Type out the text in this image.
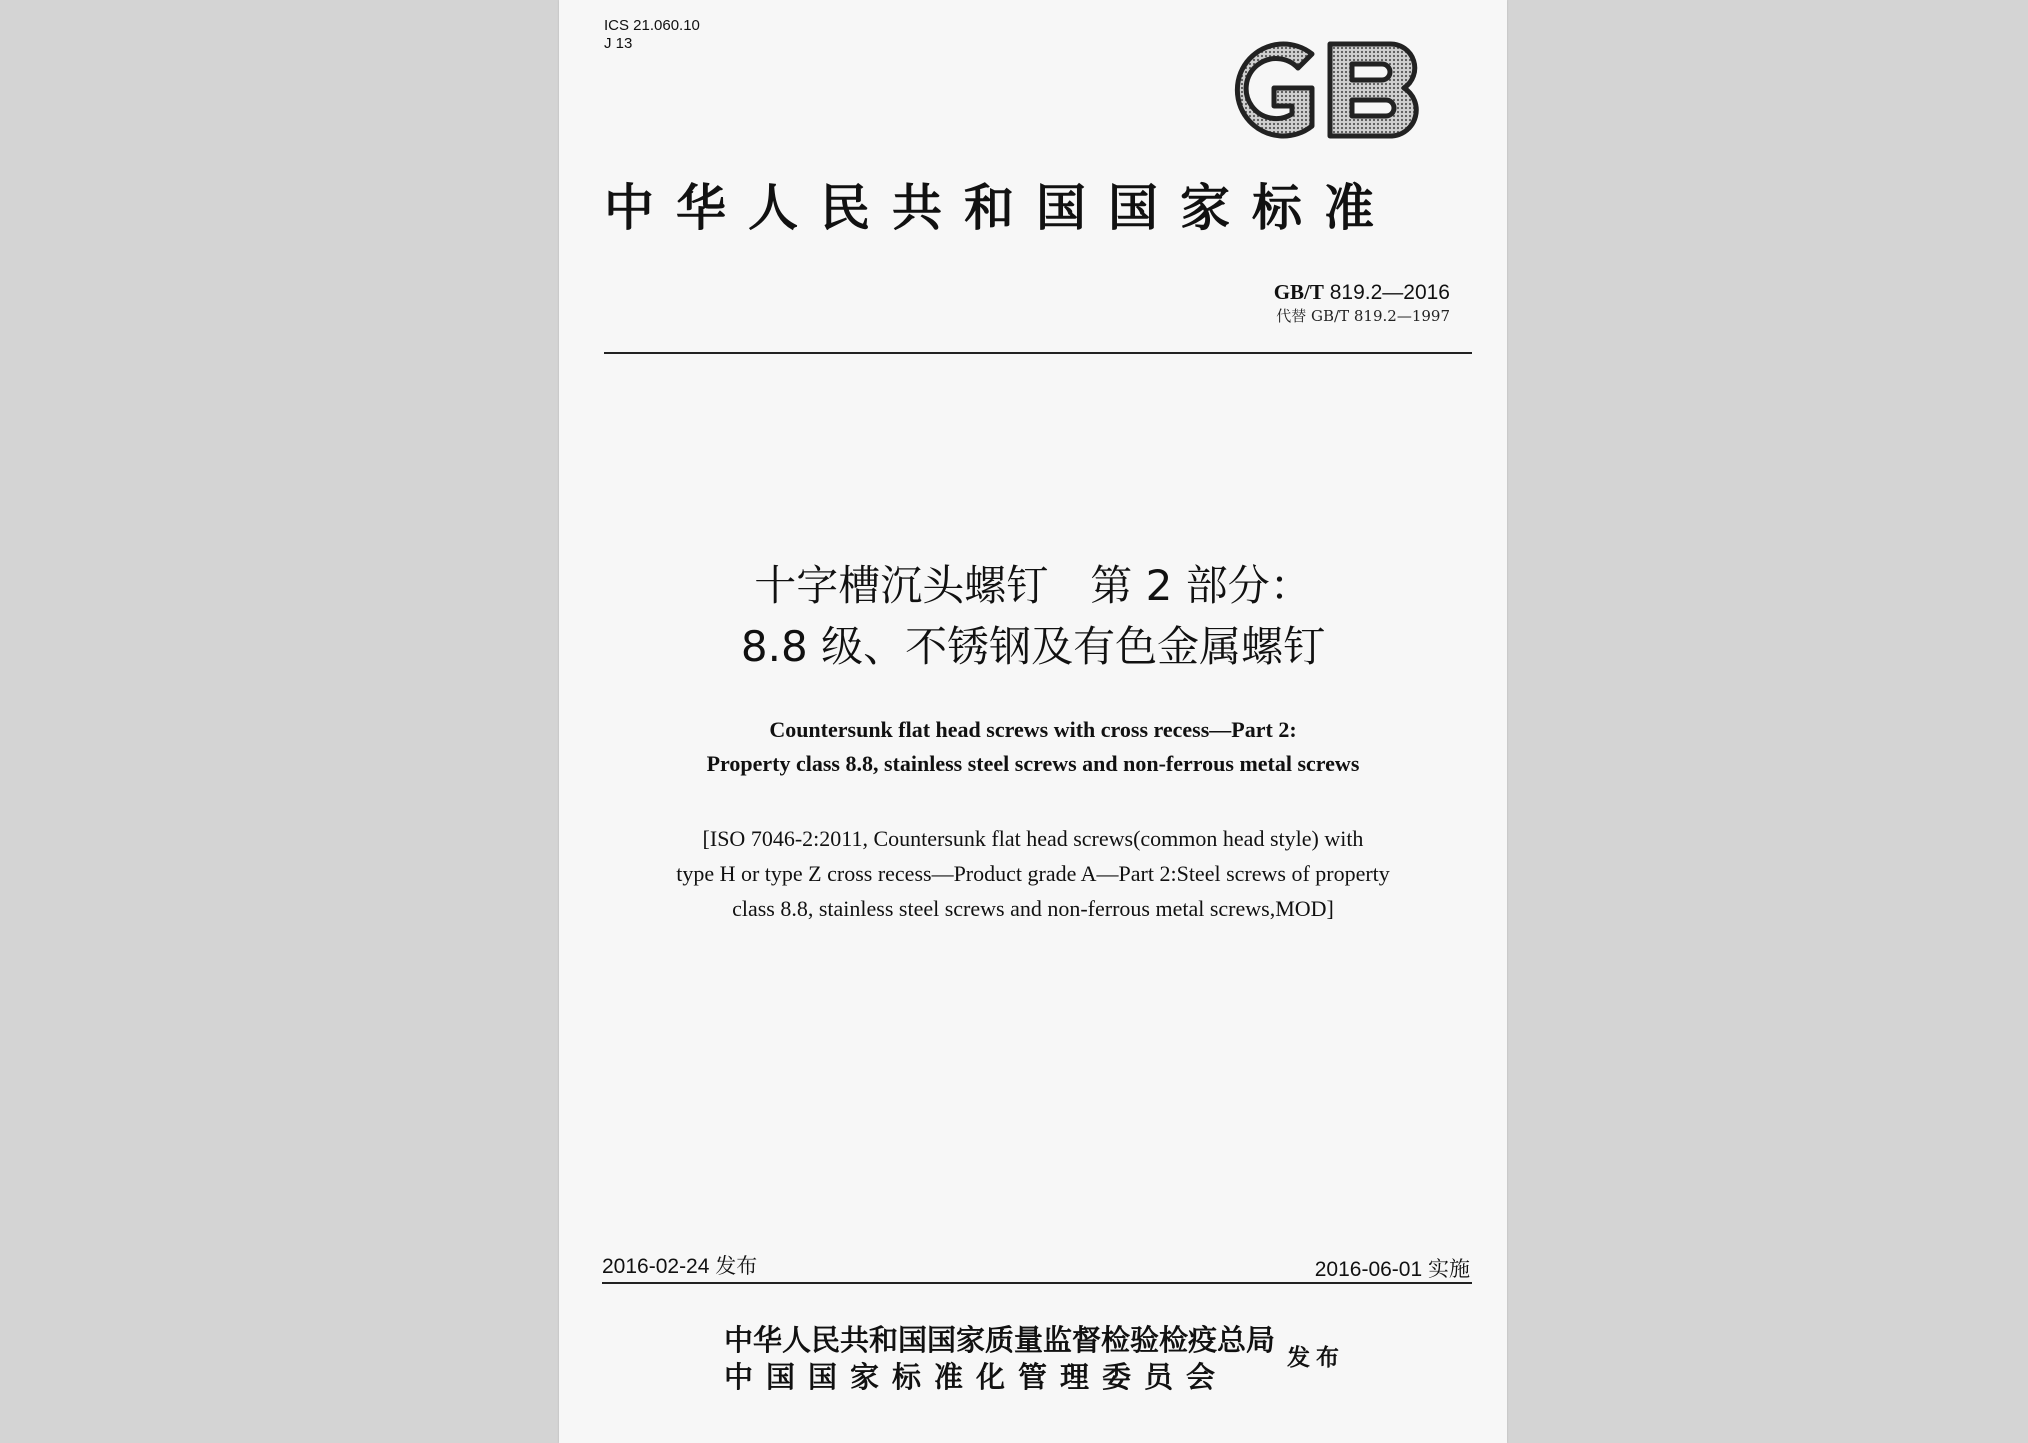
ICS 21.060.10
J 13
中华人民共和国国家标准
GB/T 819.2—2016
代替 GB/T 819.2—1997
十字槽沉头螺钉　第 2 部分：
8.8 级、不锈钢及有色金属螺钉
Countersunk flat head screws with cross recess—Part 2:
Property class 8.8, stainless steel screws and non-ferrous metal screws
[ISO 7046-2:2011, Countersunk flat head screws(common head style) with
type H or type Z cross recess—Product grade A—Part 2:Steel screws of property
class 8.8, stainless steel screws and non-ferrous metal screws,MOD]
2016-02-24 发布	2016-06-01 实施
中华人民共和国国家质量监督检验检疫总局
中国国家标准化管理委员会
发布
